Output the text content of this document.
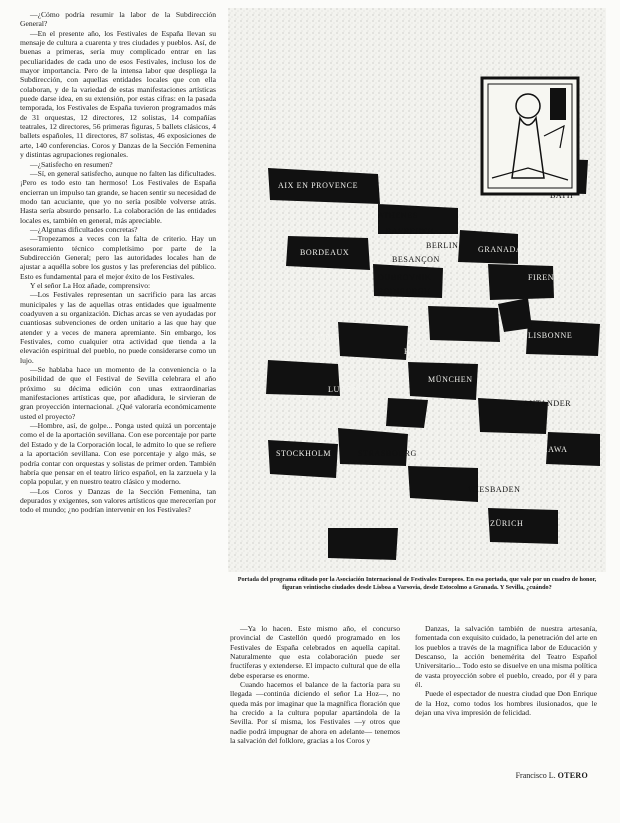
—¿Cómo podría resumir la labor de la Subdirección General?

—En el presente año, los Festivales de España llevan su mensaje de cultura a cuarenta y tres ciudades y pueblos. Así, de buenas a primeras, sería muy complicado entrar en las peculiaridades de cada uno de esos Festivales, incluso los de mayor importancia. Pero de la intensa labor que despliega la Subdirección, con aquellas entidades locales que con ella colaboran, y de la variedad de estas manifestaciones artísticas puede darse idea, en su extensión, por estas cifras: en la pasada temporada, los Festivales de España tuvieron programados más de 31 orquestas, 12 directores, 12 solistas, 14 compañías teatrales, 12 directores, 56 primeras figuras, 5 ballets clásicos, 4 ballets españoles, 11 directores, 87 solistas, 46 exposiciones de arte, 140 conferencias. Coros y Danzas de la Sección Femenina y distintas agrupaciones regionales.

—¿Satisfecho en resumen?

—Sí, en general satisfecho, aunque no falten las dificultades. ¡Pero es todo esto tan hermoso! Los Festivales de España encierran un impulso tan grande, se hacen sentir su necesidad de modo tan acuciante, que yo no sería posible volverse atrás. Hasta sería absurdo pensarlo. La colaboración de las entidades locales es, también en general, más apreciable.

—¿Algunas dificultades concretas?

—Tropezamos a veces con la falta de criterio. Hay un asesoramiento técnico completísimo por parte de la Subdirección General; pero las autoridades locales han de ajustar a aquélla sobre los gustos y las preferencias del público. Esto es fundamental para el mejor éxito de los Festivales.

Y el señor La Hoz añade, comprensivo:

—Los Festivales representan un sacrificio para las arcas municipales y las de aquellas otras entidades que igualmente coadyuven a su organización. Dichas arcas se ven ayudadas por cuantiosas subvenciones de orden unitario a las que hay que atender y a veces de manera apremiante. Sin embargo, los Festivales, como cualquier otra actividad que tienda a la elevación espiritual del pueblo, no puede considerarse como un lujo.

—Se hablaba hace un momento de la conveniencia o la posibilidad de que el Festival de Sevilla celebrara el año próximo su décima edición con unas extraordinarias manifestaciones artísticas que, por añadidura, le sirvieran de gran proyección internacional. ¿Qué valoraría económicamente usted el proyecto?

—Hombre, así, de golpe... Ponga usted quizá un porcentaje como el de la aportación sevillana. Con ese porcentaje por parte del Estado y de la Corporación local, le admito lo que se refiere a la aportación sevillana. Con ese porcentaje y algo más, se podría contar con orquestas y solistas de primer orden. También habría que pensar en el teatro lírico español, en la zarzuela y la copla popular, y en nuestro teatro clásico y moderno.

—Los Coros y Danzas de la Sección Femenina, tan depurados y exigentes, son valores artísticos que merecerían por todo el mundo; ¿no podrían intervenir en los Festivales?

AIX EN PROVENCE
BATH
ATHENES
BAYREUTH
BERLIN
BESANÇON
BORDEAUX
DUBROVNIK
EDINBURGH
FIRENZE
GRANADA
HELSINKI
HOLLAND
LISBONNE
LUZERN
MÜNCHEN
PERUGIA
SANTANDER
PRAHA
STOCKHOLM	STRASBOURG	WARSZAWA
WIEN
WIESBADEN
ZÜRICH
Portada del programa editado por la Asociación Internacional de Festivales Europeos. En esa portada, que vale por un cuadro de honor, figuran veintiocho ciudades desde Lisboa a Varsovia, desde Estocolmo a Granada. Y Sevilla, ¿cuándo?

—Ya lo hacen. Este mismo año, el concurso provincial de Castellón quedó programado en los Festivales de España celebrados en aquella capital. Naturalmente que esta colaboración puede ser fructíferas y extenderse. El impacto cultural que de ella debe esperarse es enorme.

Cuando hacemos el balance de la factoría para su llegada —continúa diciendo el señor La Hoz—, no queda más por imaginar que la magnífica floración que ha crecido a la cultura popular apartándola de la Sevilla. Por sí misma, los Festivales —y otros que nadie podrá impugnar de ahora en adelante— tenemos la salvación del folklore, gracias a los Coros y

Danzas, la salvación también de nuestra artesanía, fomentada con exquisito cuidado, la penetración del arte en los pueblos a través de la magnífica labor de Educación y Descanso, la acción benemérita del Teatro Español Universitario... Todo esto se disuelve en una misma política de vasta proyección sobre el pueblo, creado, por él y para él.

Puede el espectador de nuestra ciudad que Don Enrique de la Hoz, como todos los hombres ilusionados, que le dejan una viva impresión de felicidad.

Francisco L. OTERO
